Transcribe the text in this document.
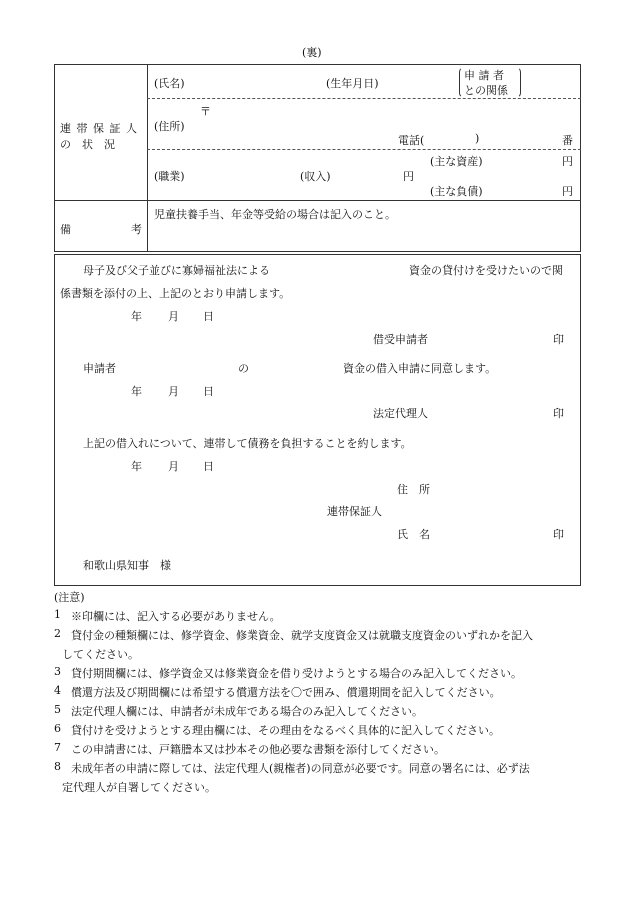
(裏)
連 帯 保 証 人
の　状　況
(氏名)	(生年月日)
申 請 者
との関係
〒
(住所)
電話(	)	番
(主な資産)	円
(職業)	(収入)	円
(主な負債)	円
備	考
児童扶養手当、年金等受給の場合は記入のこと。
母子及び父子並びに寡婦福祉法による	資金の貸付けを受けたいので関
係書類を添付の上、上記のとおり申請します。
年 月 日
借受申請者	印
申請者	の	資金の借入申請に同意します。
年 月 日
法定代理人	印
上記の借入れについて、連帯して債務を負担することを約します。
年 月 日
住　所
連帯保証人
氏　名	印
和歌山県知事　様
(注意)
1 ※印欄には、記入する必要がありません。
2 貸付金の種類欄には、修学資金、修業資金、就学支度資金又は就職支度資金のいずれかを記入
してください。
3 貸付期間欄には、修学資金又は修業資金を借り受けようとする場合のみ記入してください。
4 償還方法及び期間欄には希望する償還方法を〇で囲み、償還期間を記入してください。
5 法定代理人欄には、申請者が未成年である場合のみ記入してください。
6 貸付けを受けようとする理由欄には、その理由をなるべく具体的に記入してください。
7 この申請書には、戸籍謄本又は抄本その他必要な書類を添付してください。
8 未成年者の申請に際しては、法定代理人(親権者)の同意が必要です。同意の署名には、必ず法
定代理人が自署してください。
